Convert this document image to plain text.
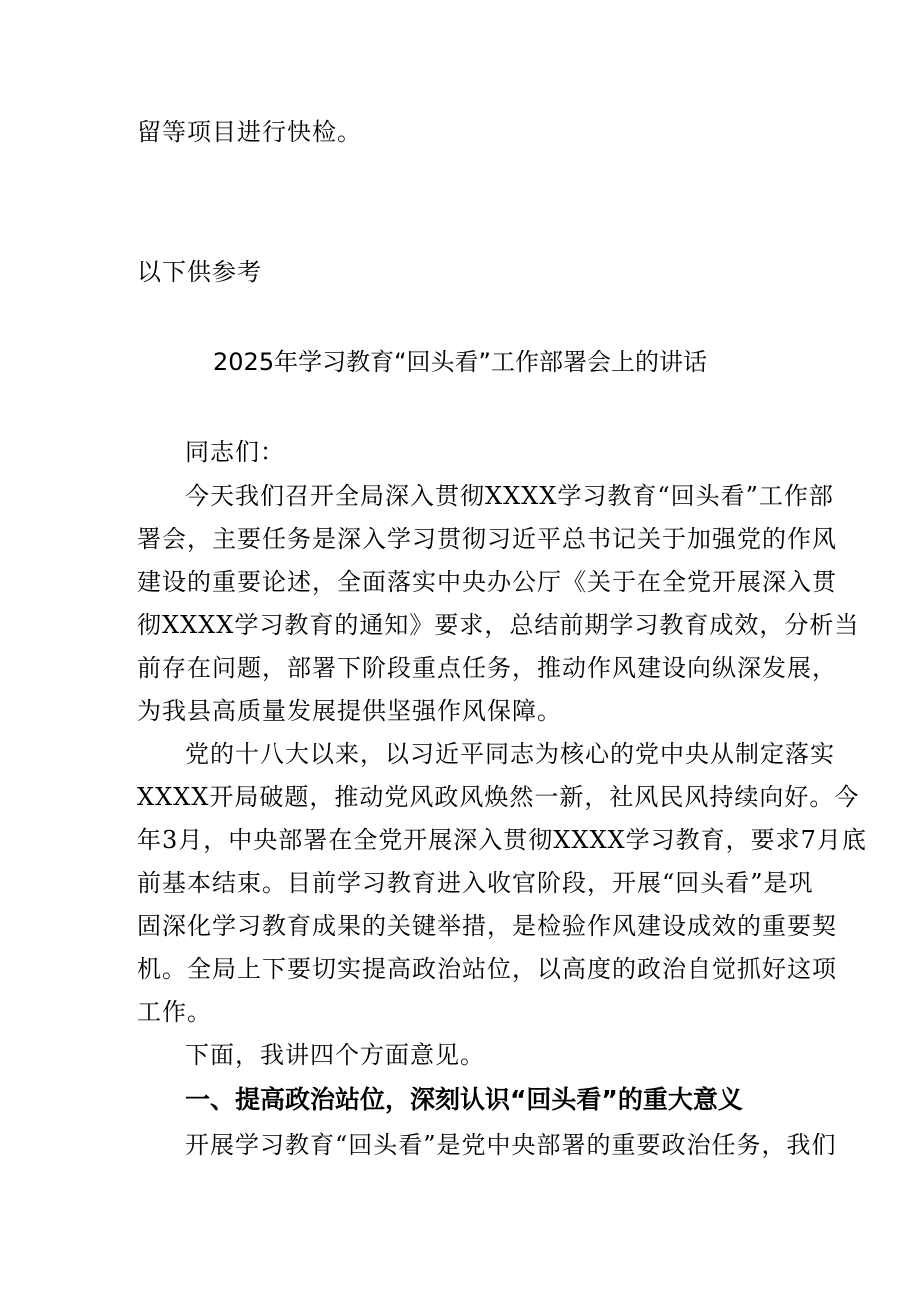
留等项目进行快检。
以下供参考
2025年学习教育“回头看”工作部署会上的讲话
同志们：
今天我们召开全局深入贯彻XXXX学习教育“回头看”工作部
署会，主要任务是深入学习贯彻习近平总书记关于加强党的作风
建设的重要论述，全面落实中央办公厅《关于在全党开展深入贯
彻XXXX学习教育的通知》要求，总结前期学习教育成效，分析当
前存在问题，部署下阶段重点任务，推动作风建设向纵深发展，
为我县高质量发展提供坚强作风保障。
党的十八大以来，以习近平同志为核心的党中央从制定落实
XXXX开局破题，推动党风政风焕然一新，社风民风持续向好。今
年3月，中央部署在全党开展深入贯彻XXXX学习教育，要求7月底
前基本结束。目前学习教育进入收官阶段，开展“回头看”是巩
固深化学习教育成果的关键举措，是检验作风建设成效的重要契
机。全局上下要切实提高政治站位，以高度的政治自觉抓好这项
工作。
下面，我讲四个方面意见。
一、提高政治站位，深刻认识“回头看”的重大意义
开展学习教育“回头看”是党中央部署的重要政治任务，我们
